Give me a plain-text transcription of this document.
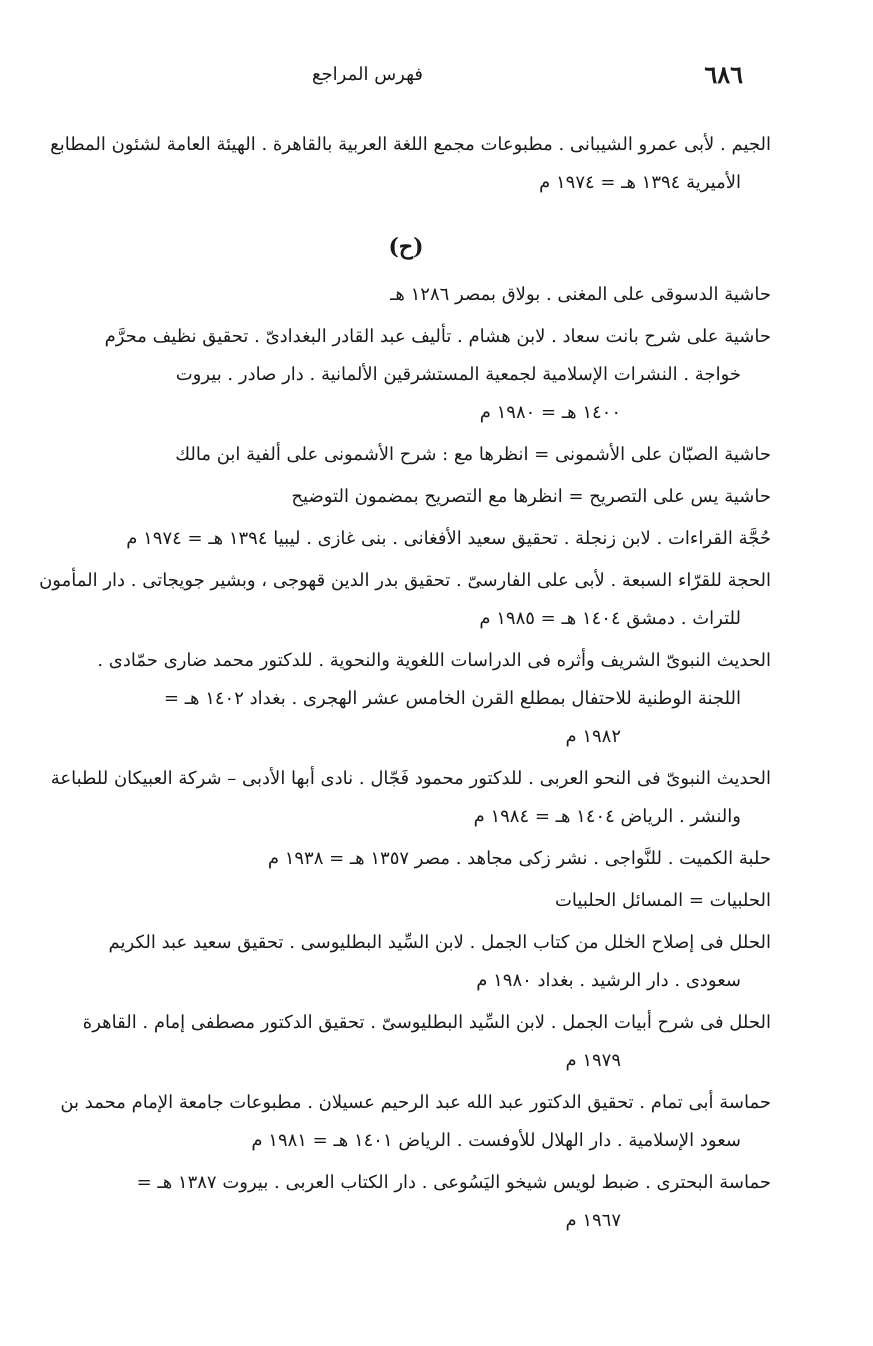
٦٨٦
فهرس المراجع
الجيم . لأبى عمرو الشيبانى . مطبوعات مجمع اللغة العربية بالقاهرة . الهيئة العامة لشئون المطابع
الأميرية ١٣٩٤ هـ = ١٩٧٤ م
(ح)
حاشية الدسوقى على المغنى . بولاق بمصر ١٢٨٦ هـ
حاشية على شرح بانت سعاد . لابن هشام . تأليف عبد القادر البغدادىّ . تحقيق نظيف محرَّم
خواجة . النشرات الإسلامية لجمعية المستشرقين الألمانية . دار صادر . بيروت
١٤٠٠ هـ = ١٩٨٠ م
حاشية الصبّان على الأشمونى = انظرها مع : شرح الأشمونى على ألفية ابن مالك
حاشية يس على التصريح = انظرها مع التصريح بمضمون التوضيح
حُجَّة القراءات . لابن زنجلة . تحقيق سعيد الأفغانى . بنى غازى . ليبيا ١٣٩٤ هـ = ١٩٧٤ م
الحجة للقرّاء السبعة . لأبى على الفارسىّ . تحقيق بدر الدين قهوجى ، وبشير جويجاتى . دار المأمون
للتراث . دمشق ١٤٠٤ هـ = ١٩٨٥ م
الحديث النبوىّ الشريف وأثره فى الدراسات اللغوية والنحوية . للدكتور محمد ضارى حمّادى .
اللجنة الوطنية للاحتفال بمطلع القرن الخامس عشر الهجرى . بغداد ١٤٠٢ هـ =
١٩٨٢ م
الحديث النبوىّ فى النحو العربى . للدكتور محمود فَجّال . نادى أبها الأدبى – شركة العبيكان للطباعة
والنشر . الرياض ١٤٠٤ هـ = ١٩٨٤ م
حلبة الكميت . للنَّواجى . نشر زكى مجاهد . مصر ١٣٥٧ هـ = ١٩٣٨ م
الحلبيات = المسائل الحلبيات
الحلل فى إصلاح الخلل من كتاب الجمل . لابن السِّيد البطليوسى . تحقيق سعيد عبد الكريم
سعودى . دار الرشيد . بغداد ١٩٨٠ م
الحلل فى شرح أبيات الجمل . لابن السِّيد البطليوسىّ . تحقيق الدكتور مصطفى إمام . القاهرة
١٩٧٩ م
حماسة أبى تمام . تحقيق الدكتور عبد الله عبد الرحيم عسيلان . مطبوعات جامعة الإمام محمد بن
سعود الإسلامية . دار الهلال للأوفست . الرياض ١٤٠١ هـ = ١٩٨١ م
حماسة البحترى . ضبط لويس شيخو اليَسُوعى . دار الكتاب العربى . بيروت ١٣٨٧ هـ =
١٩٦٧ م
